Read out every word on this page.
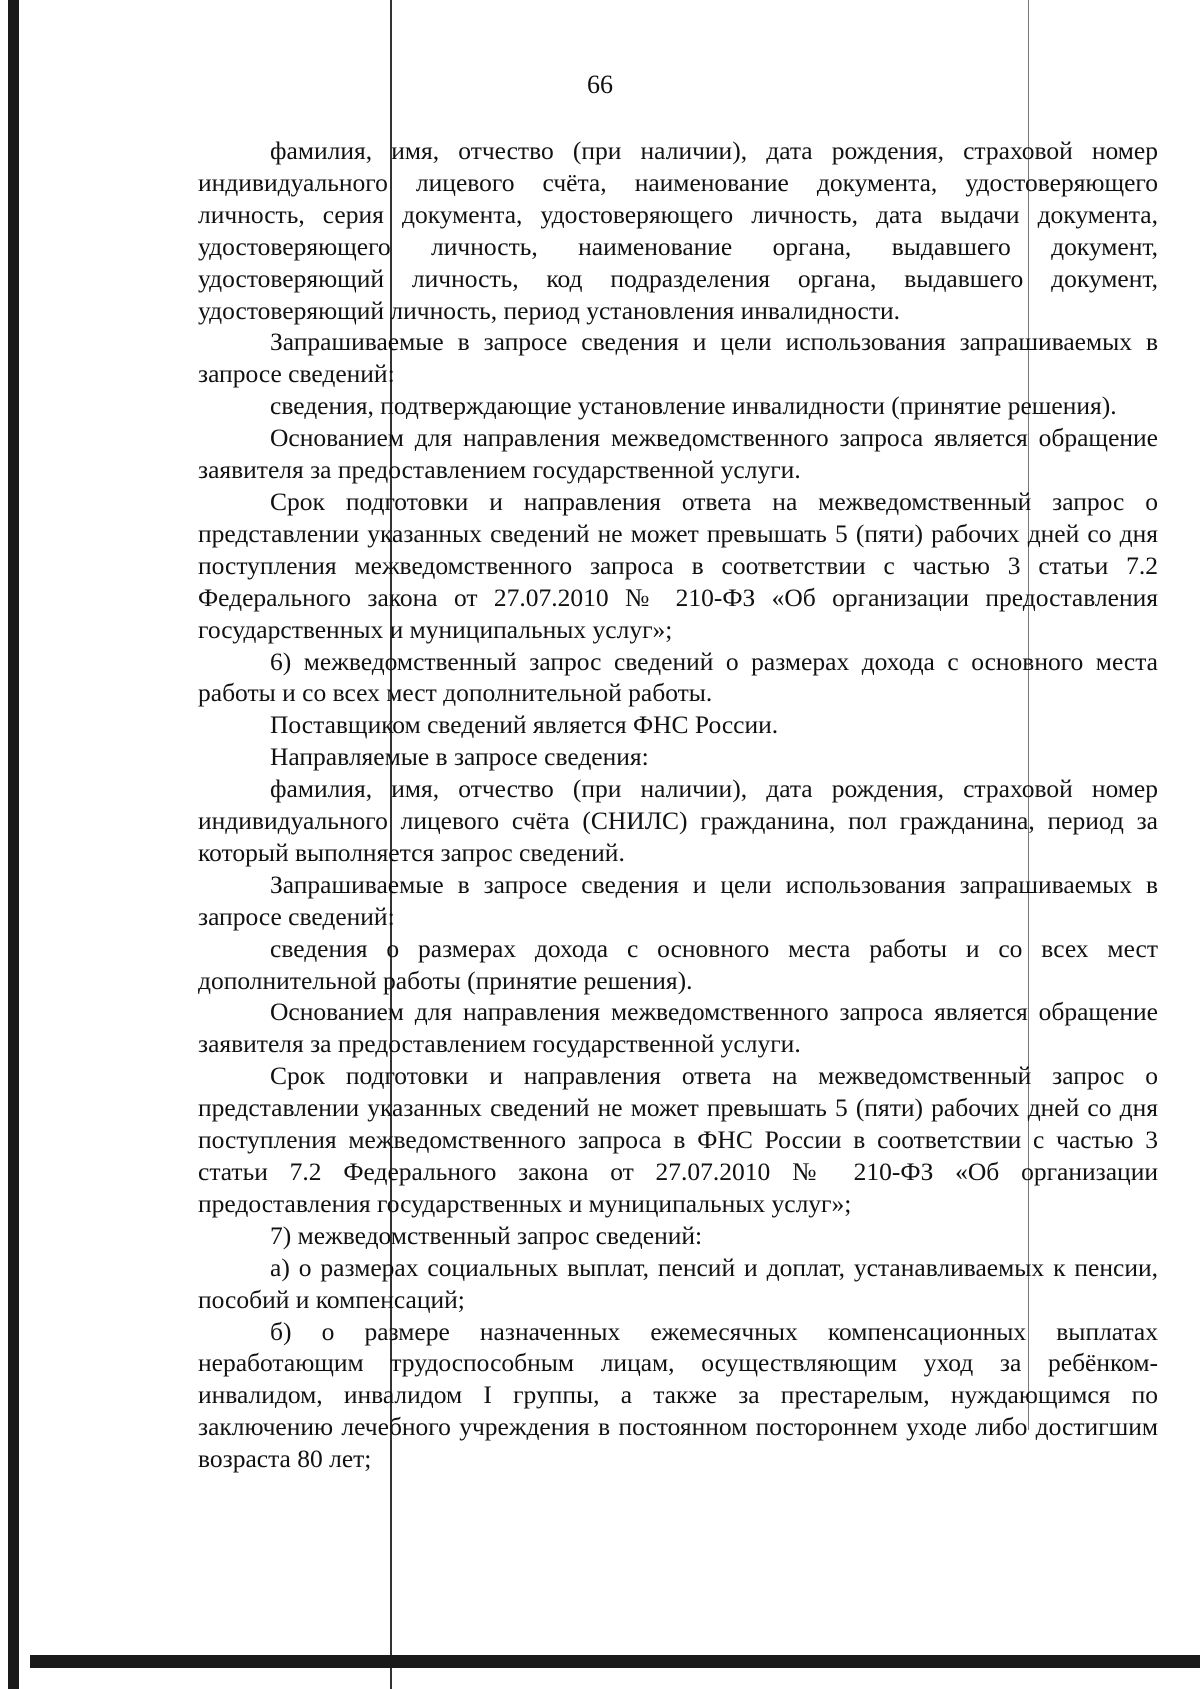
66

фамилия, имя, отчество (при наличии), дата рождения, страховой номер индивидуального лицевого счёта, наименование документа, удостоверяющего личность, серия документа, удостоверяющего личность, дата выдачи документа, удостоверяющего личность, наименование органа, выдавшего документ, удостоверяющий личность, код подразделения органа, выдавшего документ, удостоверяющий личность, период установления инвалидности.

Запрашиваемые в запросе сведения и цели использования запрашиваемых в запросе сведений:

сведения, подтверждающие установление инвалидности (принятие решения).

Основанием для направления межведомственного запроса является обращение заявителя за предоставлением государственной услуги.

Срок подготовки и направления ответа на межведомственный запрос о представлении указанных сведений не может превышать 5 (пяти) рабочих дней со дня поступления межведомственного запроса в соответствии с частью 3 статьи 7.2 Федерального закона от 27.07.2010 № 210-ФЗ «Об организации предоставления государственных и муниципальных услуг»;

6) межведомственный запрос сведений о размерах дохода с основного места работы и со всех мест дополнительной работы.

Поставщиком сведений является ФНС России.

Направляемые в запросе сведения:

фамилия, имя, отчество (при наличии), дата рождения, страховой номер индивидуального лицевого счёта (СНИЛС) гражданина, пол гражданина, период за который выполняется запрос сведений.

Запрашиваемые в запросе сведения и цели использования запрашиваемых в запросе сведений:

сведения о размерах дохода с основного места работы и со всех мест дополнительной работы (принятие решения).

Основанием для направления межведомственного запроса является обращение заявителя за предоставлением государственной услуги.

Срок подготовки и направления ответа на межведомственный запрос о представлении указанных сведений не может превышать 5 (пяти) рабочих дней со дня поступления межведомственного запроса в ФНС России в соответствии с частью 3 статьи 7.2 Федерального закона от 27.07.2010 № 210-ФЗ «Об организации предоставления государственных и муниципальных услуг»;

7) межведомственный запрос сведений:

а) о размерах социальных выплат, пенсий и доплат, устанавливаемых к пенсии, пособий и компенсаций;

б) о размере назначенных ежемесячных компенсационных выплатах неработающим трудоспособным лицам, осуществляющим уход за ребёнком-инвалидом, инвалидом I группы, а также за престарелым, нуждающимся по заключению лечебного учреждения в постоянном постороннем уходе либо достигшим возраста 80 лет;
